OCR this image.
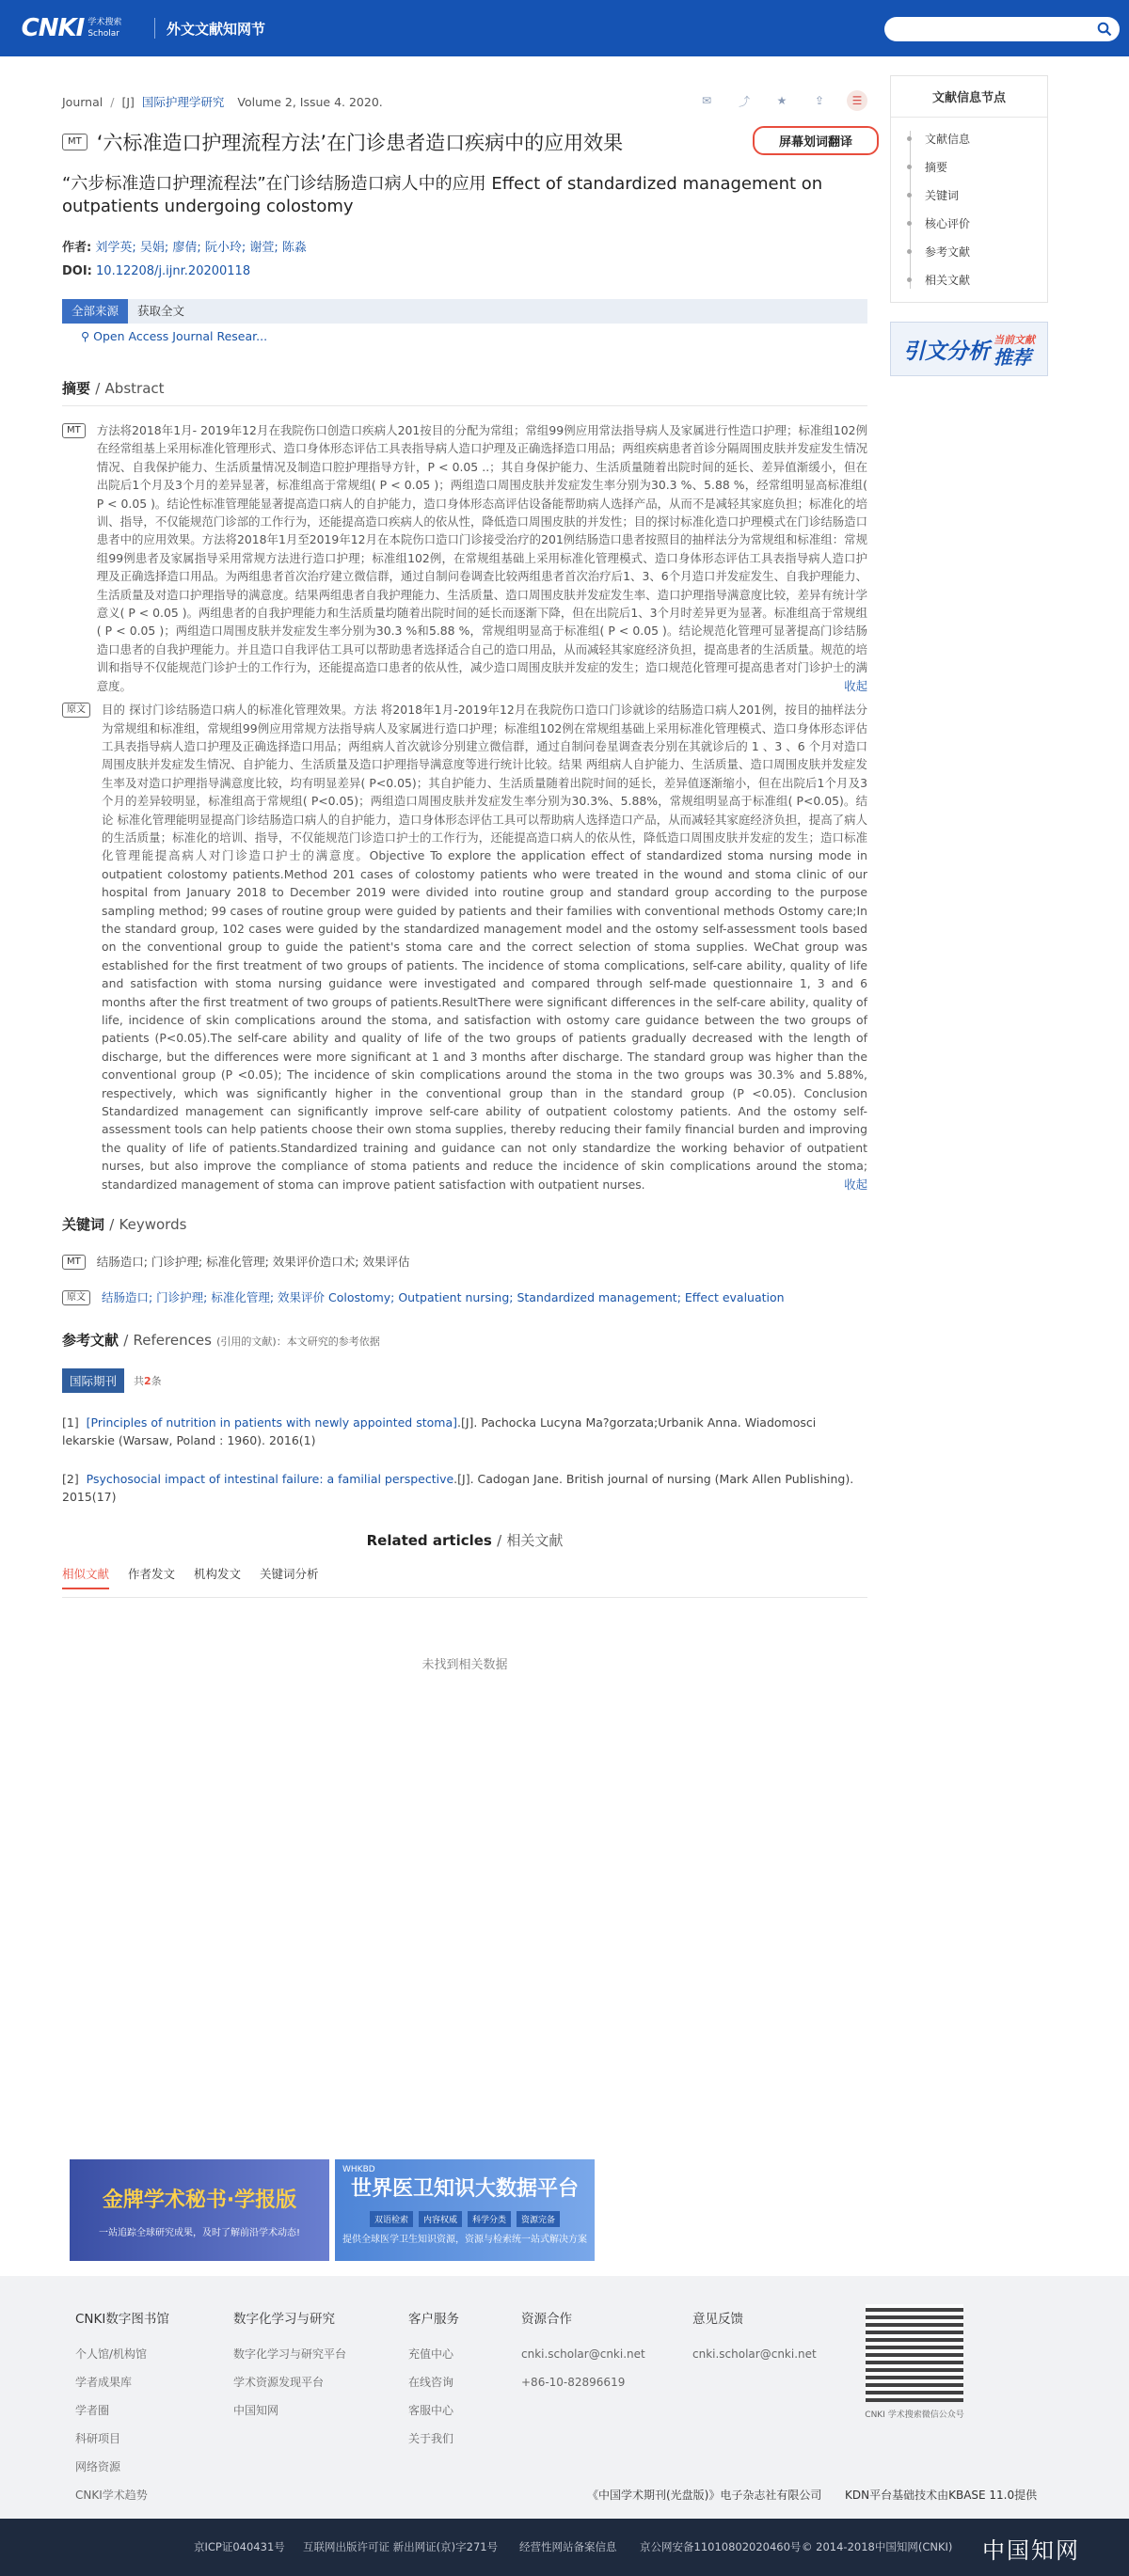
CNKI 学术搜索
Scholar	外文文献知网节
Journal / [J] 国际护理学研究 Volume 2, Issue 4. 2020.	✉	⤴	★	⇪	☰
屏幕划词翻译
MT ‘六标准造口护理流程方法’在门诊患者造口疾病中的应用效果
“六步标准造口护理流程法”在门诊结肠造口病人中的应用 Effect of standardized management on outpatients undergoing colostomy
作者: 刘学英; 吴娟; 廖倩; 阮小玲; 谢萱; 陈淼
DOI: 10.12208/j.ijnr.20200118
全部来源	获取全文
⚲ Open Access Journal Resear...
摘要 / Abstract
MT	方法将2018年1月- 2019年12月在我院伤口创造口疾病人201按目的分配为常组；常组99例应用常法指导病人及家属进行性造口护理；标准组102例在经常组基上采用标准化管理形式、造口身体形态评估工具表指导病人造口护理及正确选择造口用品；两组疾病患者首诊分隔周围皮肤并发症发生情况情况、自我保护能力、生活质量情况及制造口腔护理指导方针，P < 0.05 ..；其自身保护能力、生活质量随着出院时间的延长、差异值渐缓小，但在出院后1个月及3个月的差异显著，标准组高于常规组( P < 0.05 )；两组造口周围皮肤并发症发生率分别为30.3 %、5.88 %，经常组明显高标准组( P < 0.05 )。结论性标准管理能显著提高造口病人的自护能力，造口身体形态高评估设备能帮助病人选择产品，从而不是减轻其家庭负担；标准化的培训、指导，不仅能规范门诊部的工作行为，还能提高造口疾病人的依从性，降低造口周围皮肤的并发性；目的探讨标准化造口护理模式在门诊结肠造口患者中的应用效果。方法将2018年1月至2019年12月在本院伤口造口门诊接受治疗的201例结肠造口患者按照目的抽样法分为常规组和标准组：常规组99例患者及家属指导采用常规方法进行造口护理；标准组102例，在常规组基础上采用标准化管理模式、造口身体形态评估工具表指导病人造口护理及正确选择造口用品。为两组患者首次治疗建立微信群，通过自制问卷调查比较两组患者首次治疗后1、3、6个月造口并发症发生、自我护理能力、生活质量及对造口护理指导的满意度。结果两组患者自我护理能力、生活质量、造口周围皮肤并发症发生率、造口护理指导满意度比较，差异有统计学意义( P < 0.05 )。两组患者的自我护理能力和生活质量均随着出院时间的延长而逐渐下降，但在出院后1、3个月时差异更为显著。标准组高于常规组( P < 0.05 )；两组造口周围皮肤并发症发生率分别为30.3 %和5.88 %，常规组明显高于标准组( P < 0.05 )。结论规范化管理可显著提高门诊结肠造口患者的自我护理能力。并且造口自我评估工具可以帮助患者选择适合自己的造口用品，从而减轻其家庭经济负担，提高患者的生活质量。规范的培训和指导不仅能规范门诊护士的工作行为，还能提高造口患者的依从性，减少造口周围皮肤并发症的发生；造口规范化管理可提高患者对门诊护士的满意度。	收起
原文	目的 探讨门诊结肠造口病人的标准化管理效果。方法 将2018年1月-2019年12月在我院伤口造口门诊就诊的结肠造口病人201例，按目的抽样法分为常规组和标准组，常规组99例应用常规方法指导病人及家属进行造口护理；标准组102例在常规组基础上采用标准化管理模式、造口身体形态评估工具表指导病人造口护理及正确选择造口用品；两组病人首次就诊分别建立微信群，通过自制问卷星调查表分别在其就诊后的 1 、3 、6 个月对造口周围皮肤并发症发生情况、自护能力、生活质量及造口护理指导满意度等进行统计比较。结果 两组病人自护能力、生活质量、造口周围皮肤并发症发生率及对造口护理指导满意度比较，均有明显差异( P<0.05)；其自护能力、生活质量随着出院时间的延长，差异值逐渐缩小，但在出院后1个月及3个月的差异较明显，标准组高于常规组( P<0.05)；两组造口周围皮肤并发症发生率分别为30.3%、5.88%，常规组明显高于标准组( P<0.05)。结论 标准化管理能明显提高门诊结肠造口病人的自护能力，造口身体形态评估工具可以帮助病人选择造口产品，从而减轻其家庭经济负担，提高了病人的生活质量；标准化的培训、指导，不仅能规范门诊造口护士的工作行为，还能提高造口病人的依从性，降低造口周围皮肤并发症的发生；造口标准化管理能提高病人对门诊造口护士的满意度。Objective To explore the application effect of standardized stoma nursing mode in outpatient colostomy patients.Method 201 cases of colostomy patients who were treated in the wound and stoma clinic of our hospital from January 2018 to December 2019 were divided into routine group and standard group according to the purpose sampling method; 99 cases of routine group were guided by patients and their families with conventional methods Ostomy care;In the standard group, 102 cases were guided by the standardized management model and the ostomy self-assessment tools based on the conventional group to guide the patient's stoma care and the correct selection of stoma supplies. WeChat group was established for the first treatment of two groups of patients. The incidence of stoma complications, self-care ability, quality of life and satisfaction with stoma nursing guidance were investigated and compared through self-made questionnaire 1, 3 and 6 months after the first treatment of two groups of patients.ResultThere were significant differences in the self-care ability, quality of life, incidence of skin complications around the stoma, and satisfaction with ostomy care guidance between the two groups of patients (P<0.05).The self-care ability and quality of life of the two groups of patients gradually decreased with the length of discharge, but the differences were more significant at 1 and 3 months after discharge. The standard group was higher than the conventional group (P <0.05); The incidence of skin complications around the stoma in the two groups was 30.3% and 5.88%, respectively, which was significantly higher in the conventional group than in the standard group (P <0.05). Conclusion Standardized management can significantly improve self-care ability of outpatient colostomy patients. And the ostomy self-assessment tools can help patients choose their own stoma supplies, thereby reducing their family financial burden and improving the quality of life of patients.Standardized training and guidance can not only standardize the working behavior of outpatient nurses, but also improve the compliance of stoma patients and reduce the incidence of skin complications around the stoma; standardized management of stoma can improve patient satisfaction with outpatient nurses.	收起
关键词 / Keywords
MT	结肠造口; 门诊护理; 标准化管理; 效果评价造口术; 效果评估
原文	结肠造口; 门诊护理; 标准化管理; 效果评价 Colostomy; Outpatient nursing; Standardized management; Effect evaluation
参考文献 / References (引用的文献)：本文研究的参考依据
国际期刊	共2条
[1] [Principles of nutrition in patients with newly appointed stoma].[J]. Pachocka Lucyna Ma?gorzata;Urbanik Anna. Wiadomosci lekarskie (Warsaw, Poland : 1960). 2016(1)
[2] Psychosocial impact of intestinal failure: a familial perspective.[J]. Cadogan Jane. British journal of nursing (Mark Allen Publishing). 2015(17)
Related articles / 相关文献
相似文献 作者发文 机构发文 关键词分析
未找到相关数据
文献信息节点
文献信息
摘要
关键词
核心评价
参考文献
相关文献
引文分析 当前文献
推荐
金牌学术秘书·学报版
一站追踪全球研究成果，及时了解前沿学术动态!
WHKBD
世界医卫知识大数据平台
双语检索	内容权威	科学分类	资源完备
提供全球医学卫生知识资源，资源与检索统一站式解决方案
CNKI数字图书馆
个人馆/机构馆
学者成果库
学者圈
科研项目
网络资源
CNKI学术趋势
数字化学习与研究
数字化学习与研究平台
学术资源发现平台
中国知网
客户服务
充值中心
在线咨询
客服中心
关于我们
资源合作
cnki.scholar@cnki.net
+86-10-82896619
意见反馈
cnki.scholar@cnki.net
CNKI 学术搜索微信公众号
《中国学术期刊(光盘版)》电子杂志社有限公司 KDN平台基础技术由KBASE 11.0提供
京ICP证040431号 互联网出版许可证 新出网证(京)字271号 经营性网站备案信息 京公网安备11010802020460号 © 2014-2018中国知网(CNKI) 中国知网
